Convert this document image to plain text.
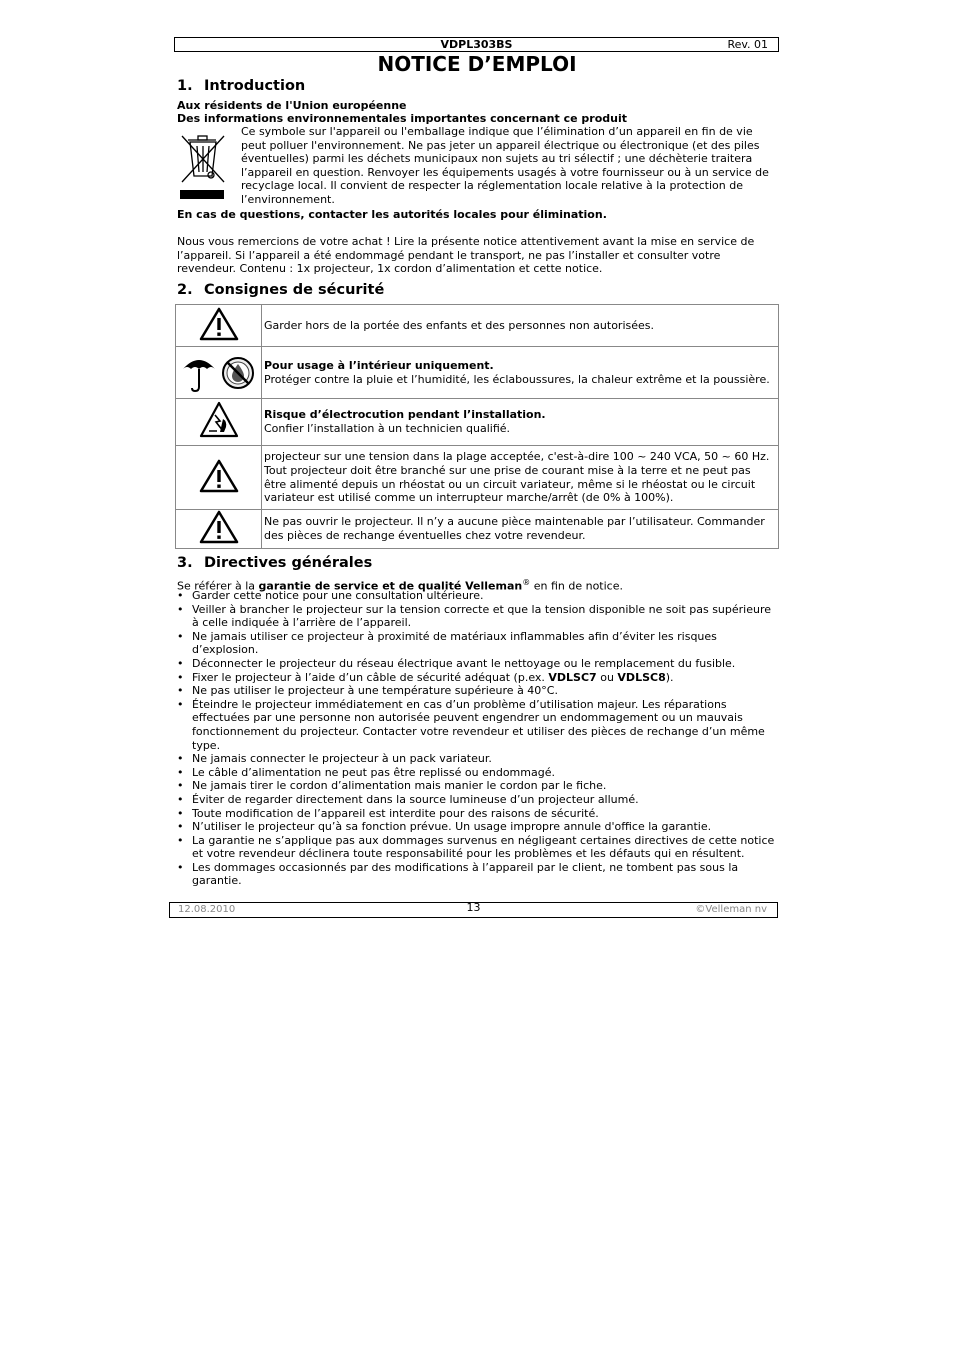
VDPL303BS	Rev. 01
NOTICE D’EMPLOI
1. Introduction
Aux résidents de l'Union européenne
Des informations environnementales importantes concernant ce produit
Ce symbole sur l'appareil ou l'emballage indique que l’élimination d’un appareil en fin de vie peut polluer l'environnement. Ne pas jeter un appareil électrique ou électronique (et des piles éventuelles) parmi les déchets municipaux non sujets au tri sélectif ; une déchèterie traitera l’appareil en question. Renvoyer les équipements usagés à votre fournisseur ou à un service de recyclage local. Il convient de respecter la réglementation locale relative à la protection de l’environnement.
En cas de questions, contacter les autorités locales pour élimination.
Nous vous remercions de votre achat ! Lire la présente notice attentivement avant la mise en service de l’appareil. Si l’appareil a été endommagé pendant le transport, ne pas l’installer et consulter votre revendeur. Contenu : 1x projecteur, 1x cordon d’alimentation et cette notice.
2. Consignes de sécurité
	Garder hors de la portée des enfants et des personnes non autorisées.

Pour usage à l’intérieur uniquement.
Protéger contre la pluie et l’humidité, les éclaboussures, la chaleur extrême et la poussière.

Risque d’électrocution pendant l’installation.
Confier l’installation à un technicien qualifié.

	projecteur sur une tension dans la plage acceptée, c'est-à-dire 100 ~ 240 VCA, 50 ~ 60 Hz. Tout projecteur doit être branché sur une prise de courant mise à la terre et ne peut pas être alimenté depuis un rhéostat ou un circuit variateur, même si le rhéostat ou le circuit variateur est utilisé comme un interrupteur marche/arrêt (de 0% à 100%).
	Ne pas ouvrir le projecteur. Il n’y a aucune pièce maintenable par l’utilisateur. Commander des pièces de rechange éventuelles chez votre revendeur.
3. Directives générales
Se référer à la garantie de service et de qualité Velleman® en fin de notice.
• Garder cette notice pour une consultation ultérieure.
• Veiller à brancher le projecteur sur la tension correcte et que la tension disponible ne soit pas supérieure à celle indiquée à l’arrière de l’appareil.
• Ne jamais utiliser ce projecteur à proximité de matériaux inflammables afin d’éviter les risques d’explosion.
• Déconnecter le projecteur du réseau électrique avant le nettoyage ou le remplacement du fusible.
• Fixer le projecteur à l’aide d’un câble de sécurité adéquat (p.ex. VDLSC7 ou VDLSC8).
• Ne pas utiliser le projecteur à une température supérieure à 40°C.
• Éteindre le projecteur immédiatement en cas d’un problème d’utilisation majeur. Les réparations effectuées par une personne non autorisée peuvent engendrer un endommagement ou un mauvais fonctionnement du projecteur. Contacter votre revendeur et utiliser des pièces de rechange d’un même type.
• Ne jamais connecter le projecteur à un pack variateur.
• Le câble d’alimentation ne peut pas être replissé ou endommagé.
• Ne jamais tirer le cordon d’alimentation mais manier le cordon par le fiche.
• Éviter de regarder directement dans la source lumineuse d’un projecteur allumé.
• Toute modification de l’appareil est interdite pour des raisons de sécurité.
• N’utiliser le projecteur qu’à sa fonction prévue. Un usage impropre annule d'office la garantie.
• La garantie ne s’applique pas aux dommages survenus en négligeant certaines directives de cette notice et votre revendeur déclinera toute responsabilité pour les problèmes et les défauts qui en résultent.
• Les dommages occasionnés par des modifications à l’appareil par le client, ne tombent pas sous la garantie.
12.08.2010	13	©Velleman nv
